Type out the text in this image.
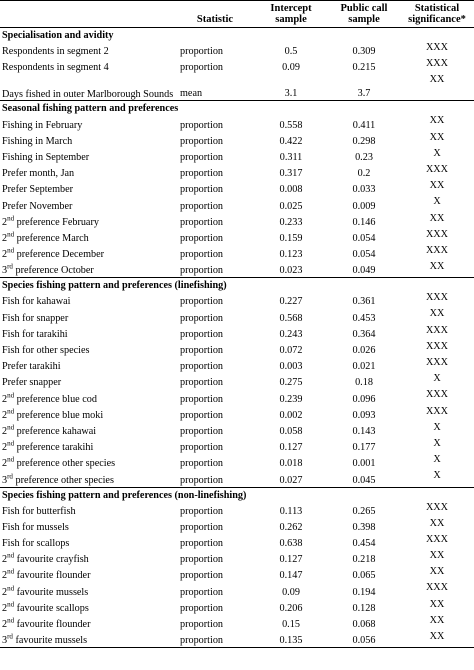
	Statistic	Intercept sample	Public call sample	Statistical significance*
Specialisation and avidity				
Respondents in segment 2	proportion	0.5	0.309	XXX
Respondents in segment 4	proportion	0.09	0.215	XXX
Days fished in outer Marlborough Sounds	mean	3.1	3.7	XX
Seasonal fishing pattern and preferences				
Fishing in February	proportion	0.558	0.411	XX
Fishing in March	proportion	0.422	0.298	XX
Fishing in September	proportion	0.311	0.23	X
Prefer month, Jan	proportion	0.317	0.2	XXX
Prefer September	proportion	0.008	0.033	XX
Prefer November	proportion	0.025	0.009	X
2nd preference February	proportion	0.233	0.146	XX
2nd preference March	proportion	0.159	0.054	XXX
2nd preference December	proportion	0.123	0.054	XXX
3rd preference October	proportion	0.023	0.049	XX
Species fishing pattern and preferences (linefishing)				
Fish for kahawai	proportion	0.227	0.361	XXX
Fish for snapper	proportion	0.568	0.453	XX
Fish for tarakihi	proportion	0.243	0.364	XXX
Fish for other species	proportion	0.072	0.026	XXX
Prefer tarakihi	proportion	0.003	0.021	XXX
Prefer snapper	proportion	0.275	0.18	X
2nd preference blue cod	proportion	0.239	0.096	XXX
2nd preference blue moki	proportion	0.002	0.093	XXX
2nd preference kahawai	proportion	0.058	0.143	X
2nd preference tarakihi	proportion	0.127	0.177	X
2nd preference other species	proportion	0.018	0.001	X
3rd preference other species	proportion	0.027	0.045	X
Species fishing pattern and preferences (non-linefishing)				
Fish for butterfish	proportion	0.113	0.265	XXX
Fish for mussels	proportion	0.262	0.398	XX
Fish for scallops	proportion	0.638	0.454	XXX
2nd favourite crayfish	proportion	0.127	0.218	XX
2nd favourite flounder	proportion	0.147	0.065	XX
2nd favourite mussels	proportion	0.09	0.194	XXX
2nd favourite scallops	proportion	0.206	0.128	XX
2nd favourite flounder	proportion	0.15	0.068	XX
3rd favourite mussels	proportion	0.135	0.056	XX
